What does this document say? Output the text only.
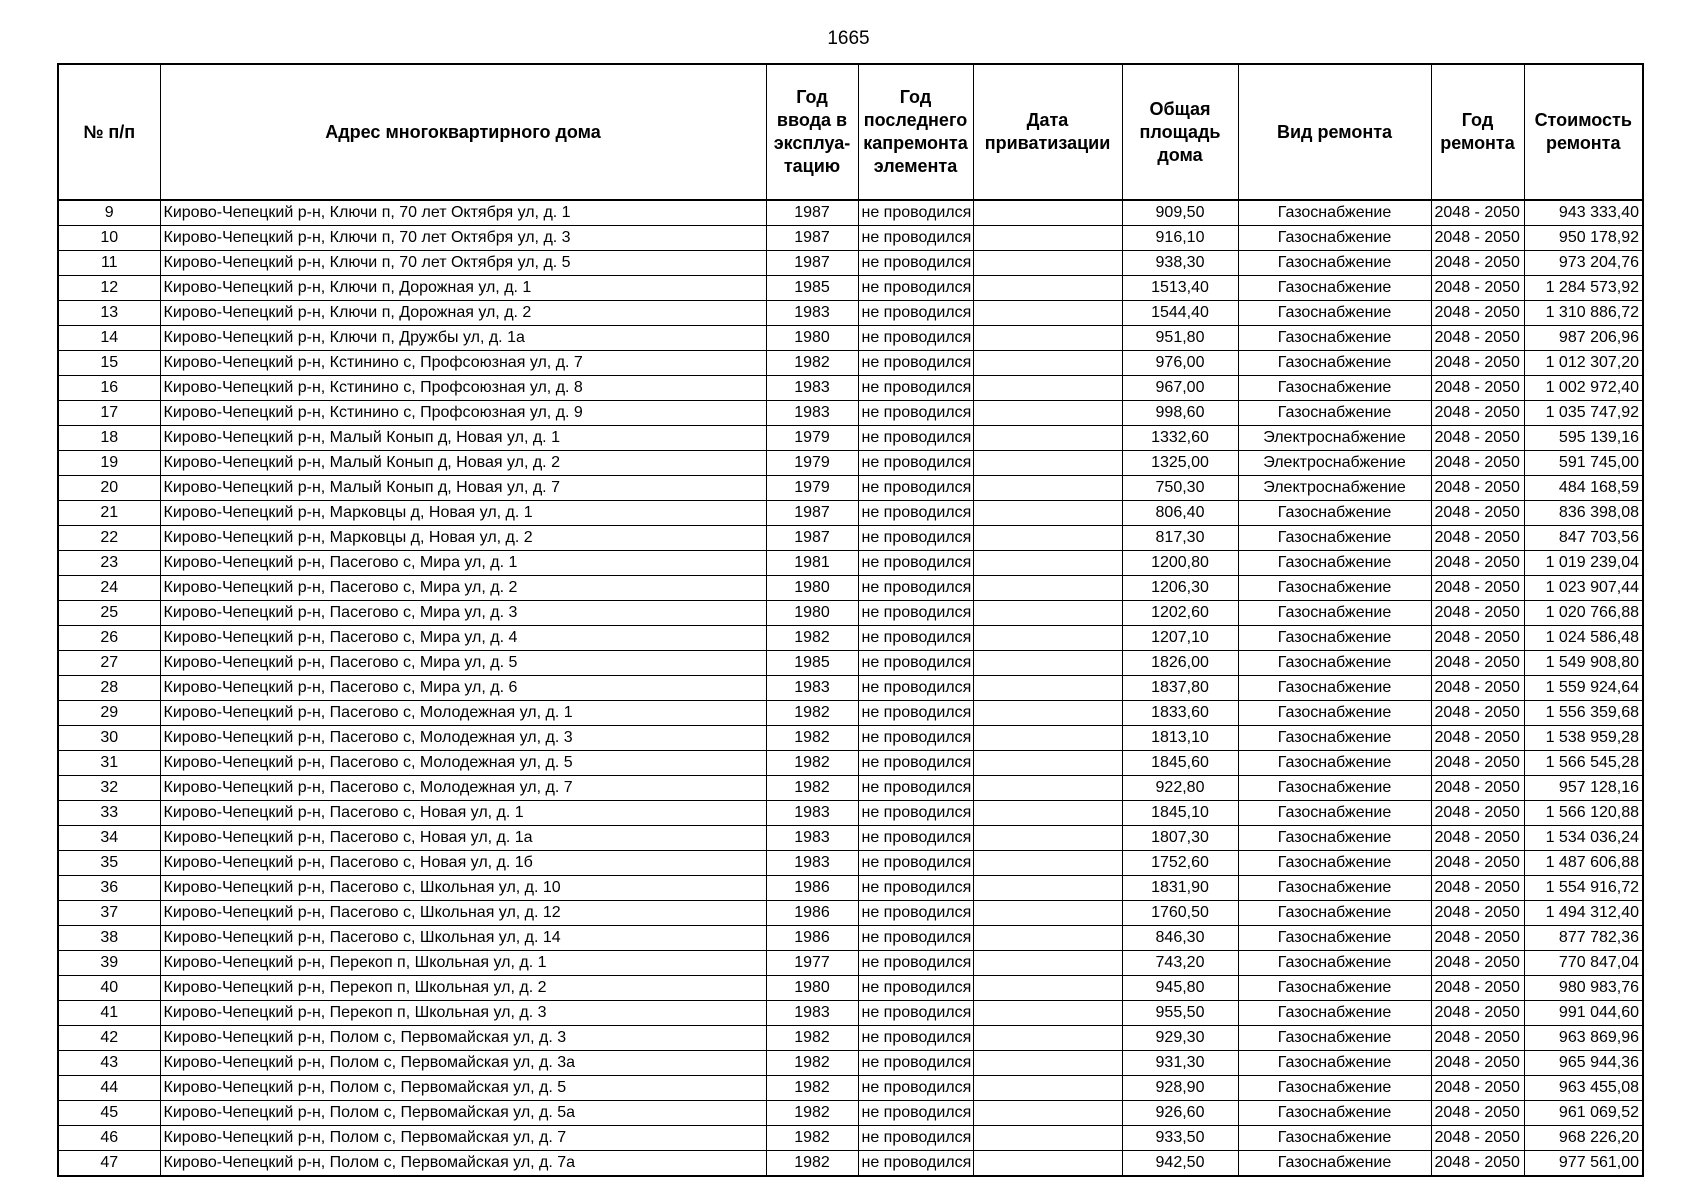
1665
№ п/п	Адрес многоквартирного дома	Год ввода в эксплуа-тацию	Год последнего капремонта элемента	Дата приватизации	Общая площадь дома	Вид ремонта	Год ремонта	Стоимость ремонта
9	Кирово-Чепецкий р-н, Ключи п, 70 лет Октября ул, д. 1	1987	не проводился		909,50	Газоснабжение	2048 - 2050	943 333,40
10	Кирово-Чепецкий р-н, Ключи п, 70 лет Октября ул, д. 3	1987	не проводился		916,10	Газоснабжение	2048 - 2050	950 178,92
11	Кирово-Чепецкий р-н, Ключи п, 70 лет Октября ул, д. 5	1987	не проводился		938,30	Газоснабжение	2048 - 2050	973 204,76
12	Кирово-Чепецкий р-н, Ключи п, Дорожная ул, д. 1	1985	не проводился		1513,40	Газоснабжение	2048 - 2050	1 284 573,92
13	Кирово-Чепецкий р-н, Ключи п, Дорожная ул, д. 2	1983	не проводился		1544,40	Газоснабжение	2048 - 2050	1 310 886,72
14	Кирово-Чепецкий р-н, Ключи п, Дружбы ул, д. 1а	1980	не проводился		951,80	Газоснабжение	2048 - 2050	987 206,96
15	Кирово-Чепецкий р-н, Кстинино с, Профсоюзная ул, д. 7	1982	не проводился		976,00	Газоснабжение	2048 - 2050	1 012 307,20
16	Кирово-Чепецкий р-н, Кстинино с, Профсоюзная ул, д. 8	1983	не проводился		967,00	Газоснабжение	2048 - 2050	1 002 972,40
17	Кирово-Чепецкий р-н, Кстинино с, Профсоюзная ул, д. 9	1983	не проводился		998,60	Газоснабжение	2048 - 2050	1 035 747,92
18	Кирово-Чепецкий р-н, Малый Конып д, Новая ул, д. 1	1979	не проводился		1332,60	Электроснабжение	2048 - 2050	595 139,16
19	Кирово-Чепецкий р-н, Малый Конып д, Новая ул, д. 2	1979	не проводился		1325,00	Электроснабжение	2048 - 2050	591 745,00
20	Кирово-Чепецкий р-н, Малый Конып д, Новая ул, д. 7	1979	не проводился		750,30	Электроснабжение	2048 - 2050	484 168,59
21	Кирово-Чепецкий р-н, Марковцы д, Новая ул, д. 1	1987	не проводился		806,40	Газоснабжение	2048 - 2050	836 398,08
22	Кирово-Чепецкий р-н, Марковцы д, Новая ул, д. 2	1987	не проводился		817,30	Газоснабжение	2048 - 2050	847 703,56
23	Кирово-Чепецкий р-н, Пасегово с, Мира ул, д. 1	1981	не проводился		1200,80	Газоснабжение	2048 - 2050	1 019 239,04
24	Кирово-Чепецкий р-н, Пасегово с, Мира ул, д. 2	1980	не проводился		1206,30	Газоснабжение	2048 - 2050	1 023 907,44
25	Кирово-Чепецкий р-н, Пасегово с, Мира ул, д. 3	1980	не проводился		1202,60	Газоснабжение	2048 - 2050	1 020 766,88
26	Кирово-Чепецкий р-н, Пасегово с, Мира ул, д. 4	1982	не проводился		1207,10	Газоснабжение	2048 - 2050	1 024 586,48
27	Кирово-Чепецкий р-н, Пасегово с, Мира ул, д. 5	1985	не проводился		1826,00	Газоснабжение	2048 - 2050	1 549 908,80
28	Кирово-Чепецкий р-н, Пасегово с, Мира ул, д. 6	1983	не проводился		1837,80	Газоснабжение	2048 - 2050	1 559 924,64
29	Кирово-Чепецкий р-н, Пасегово с, Молодежная ул, д. 1	1982	не проводился		1833,60	Газоснабжение	2048 - 2050	1 556 359,68
30	Кирово-Чепецкий р-н, Пасегово с, Молодежная ул, д. 3	1982	не проводился		1813,10	Газоснабжение	2048 - 2050	1 538 959,28
31	Кирово-Чепецкий р-н, Пасегово с, Молодежная ул, д. 5	1982	не проводился		1845,60	Газоснабжение	2048 - 2050	1 566 545,28
32	Кирово-Чепецкий р-н, Пасегово с, Молодежная ул, д. 7	1982	не проводился		922,80	Газоснабжение	2048 - 2050	957 128,16
33	Кирово-Чепецкий р-н, Пасегово с, Новая ул, д. 1	1983	не проводился		1845,10	Газоснабжение	2048 - 2050	1 566 120,88
34	Кирово-Чепецкий р-н, Пасегово с, Новая ул, д. 1а	1983	не проводился		1807,30	Газоснабжение	2048 - 2050	1 534 036,24
35	Кирово-Чепецкий р-н, Пасегово с, Новая ул, д. 1б	1983	не проводился		1752,60	Газоснабжение	2048 - 2050	1 487 606,88
36	Кирово-Чепецкий р-н, Пасегово с, Школьная ул, д. 10	1986	не проводился		1831,90	Газоснабжение	2048 - 2050	1 554 916,72
37	Кирово-Чепецкий р-н, Пасегово с, Школьная ул, д. 12	1986	не проводился		1760,50	Газоснабжение	2048 - 2050	1 494 312,40
38	Кирово-Чепецкий р-н, Пасегово с, Школьная ул, д. 14	1986	не проводился		846,30	Газоснабжение	2048 - 2050	877 782,36
39	Кирово-Чепецкий р-н, Перекоп п, Школьная ул, д. 1	1977	не проводился		743,20	Газоснабжение	2048 - 2050	770 847,04
40	Кирово-Чепецкий р-н, Перекоп п, Школьная ул, д. 2	1980	не проводился		945,80	Газоснабжение	2048 - 2050	980 983,76
41	Кирово-Чепецкий р-н, Перекоп п, Школьная ул, д. 3	1983	не проводился		955,50	Газоснабжение	2048 - 2050	991 044,60
42	Кирово-Чепецкий р-н, Полом с, Первомайская ул, д. 3	1982	не проводился		929,30	Газоснабжение	2048 - 2050	963 869,96
43	Кирово-Чепецкий р-н, Полом с, Первомайская ул, д. 3а	1982	не проводился		931,30	Газоснабжение	2048 - 2050	965 944,36
44	Кирово-Чепецкий р-н, Полом с, Первомайская ул, д. 5	1982	не проводился		928,90	Газоснабжение	2048 - 2050	963 455,08
45	Кирово-Чепецкий р-н, Полом с, Первомайская ул, д. 5а	1982	не проводился		926,60	Газоснабжение	2048 - 2050	961 069,52
46	Кирово-Чепецкий р-н, Полом с, Первомайская ул, д. 7	1982	не проводился		933,50	Газоснабжение	2048 - 2050	968 226,20
47	Кирово-Чепецкий р-н, Полом с, Первомайская ул, д. 7а	1982	не проводился		942,50	Газоснабжение	2048 - 2050	977 561,00
